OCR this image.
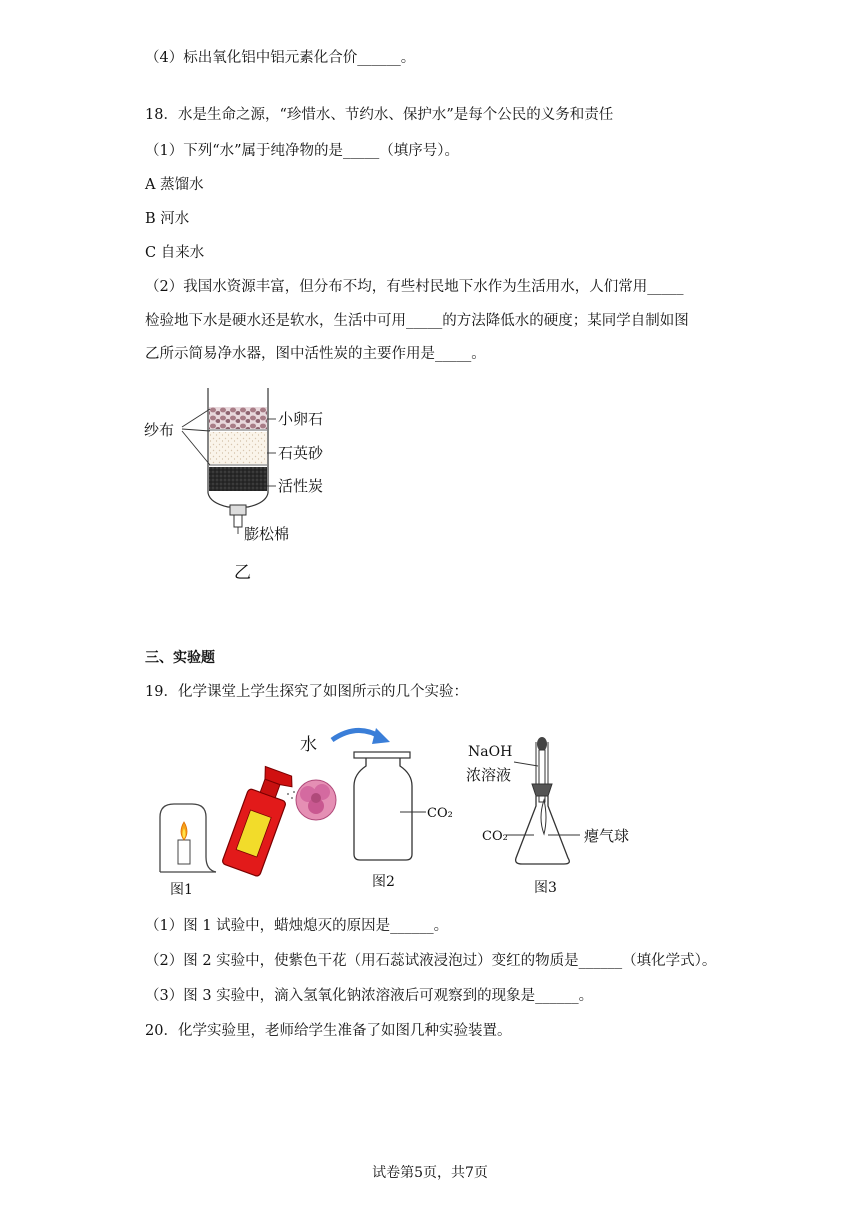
（4）标出氧化铝中铝元素化合价______。
18．水是生命之源，“珍惜水、节约水、保护水”是每个公民的义务和责任
（1）下列“水”属于纯净物的是_____（填序号）。
A 蒸馏水
B 河水
C 自来水
（2）我国水资源丰富，但分布不均，有些村民地下水作为生活用水，人们常用_____
检验地下水是硬水还是软水，生活中可用_____的方法降低水的硬度；某同学自制如图
乙所示简易净水器，图中活性炭的主要作用是_____。
纱布
小卵石
石英砂
活性炭
膨松棉
乙
三、实验题
19．化学课堂上学生探究了如图所示的几个实验：
图1
水
CO₂
图2
NaOH
浓溶液
CO₂	瘪气球
图3
（1）图 1 试验中，蜡烛熄灭的原因是______。
（2）图 2 实验中，使紫色干花（用石蕊试液浸泡过）变红的物质是______（填化学式）。
（3）图 3 实验中，滴入氢氧化钠浓溶液后可观察到的现象是______。
20．化学实验里，老师给学生准备了如图几种实验装置。
试卷第5页，共7页
